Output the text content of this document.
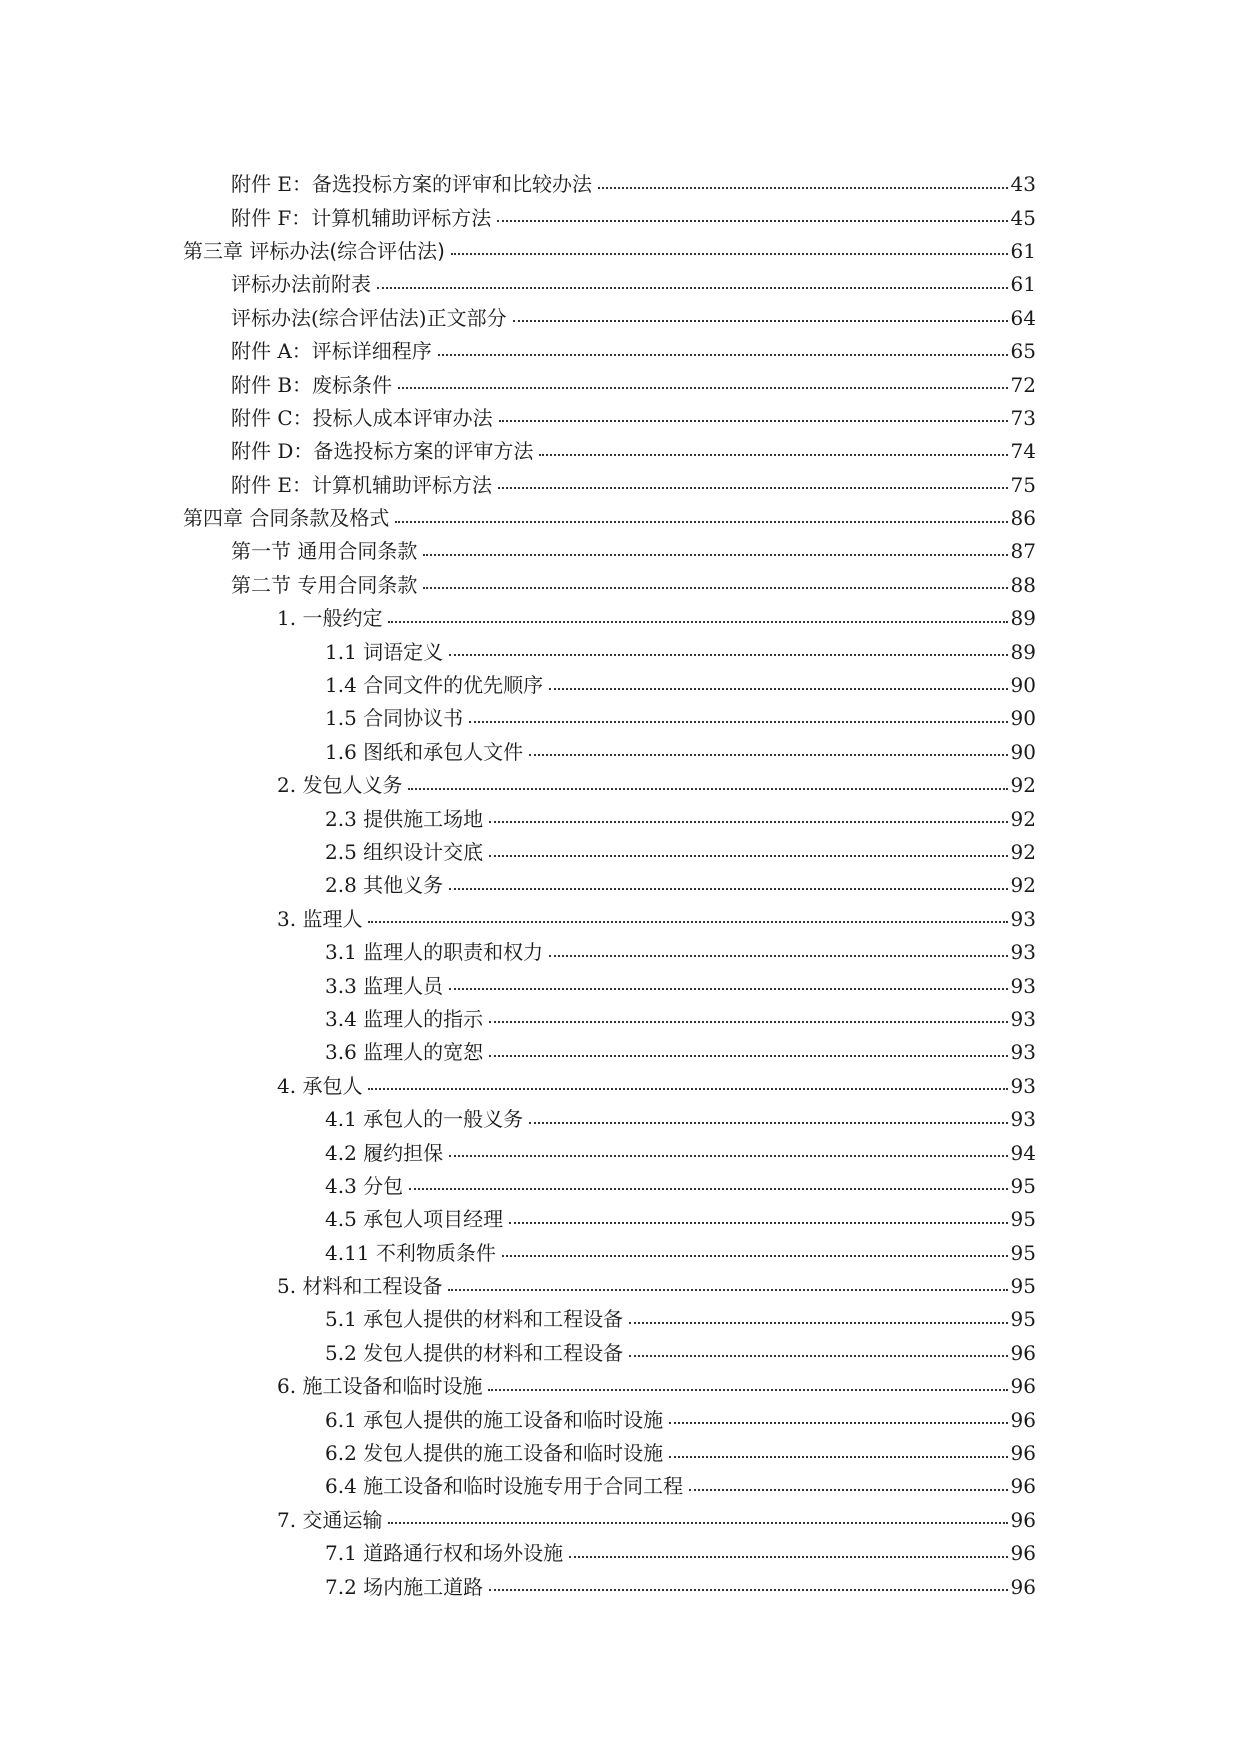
附件 E：备选投标方案的评审和比较办法	43
附件 F：计算机辅助评标方法	45
第三章 评标办法(综合评估法)	61
评标办法前附表	61
评标办法(综合评估法)正文部分	64
附件 A：评标详细程序	65
附件 B：废标条件	72
附件 C：投标人成本评审办法	73
附件 D：备选投标方案的评审方法	74
附件 E：计算机辅助评标方法	75
第四章 合同条款及格式	86
第一节 通用合同条款	87
第二节 专用合同条款	88
1. 一般约定	89
1.1 词语定义	89
1.4 合同文件的优先顺序	90
1.5 合同协议书	90
1.6 图纸和承包人文件	90
2. 发包人义务	92
2.3 提供施工场地	92
2.5 组织设计交底	92
2.8 其他义务	92
3. 监理人	93
3.1 监理人的职责和权力	93
3.3 监理人员	93
3.4 监理人的指示	93
3.6 监理人的宽恕	93
4. 承包人	93
4.1 承包人的一般义务	93
4.2 履约担保	94
4.3 分包	95
4.5 承包人项目经理	95
4.11 不利物质条件	95
5. 材料和工程设备	95
5.1 承包人提供的材料和工程设备	95
5.2 发包人提供的材料和工程设备	96
6. 施工设备和临时设施	96
6.1 承包人提供的施工设备和临时设施	96
6.2 发包人提供的施工设备和临时设施	96
6.4 施工设备和临时设施专用于合同工程	96
7. 交通运输	96
7.1 道路通行权和场外设施	96
7.2 场内施工道路	96
